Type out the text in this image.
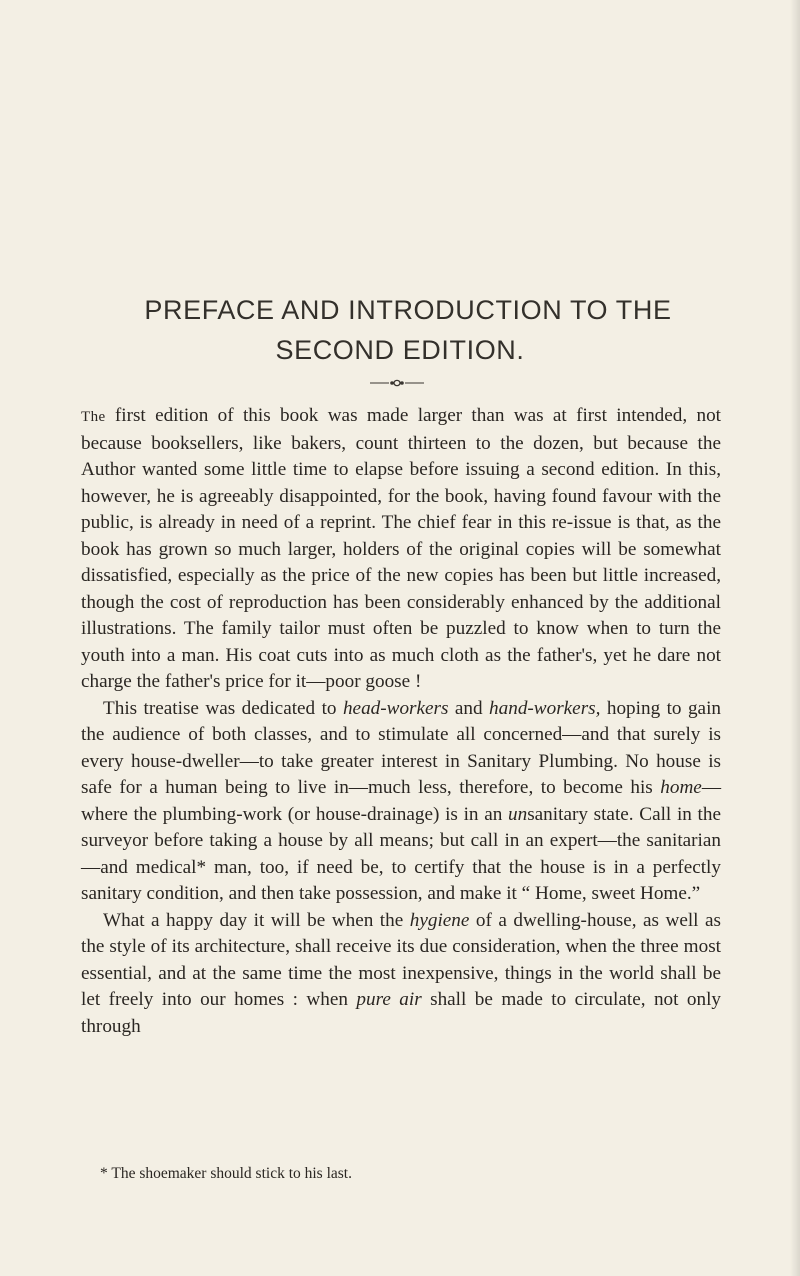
PREFACE AND INTRODUCTION TO THE
SECOND EDITION.

The first edition of this book was made larger than was at first intended, not because booksellers, like bakers, count thirteen to the dozen, but because the Author wanted some little time to elapse before issuing a second edition. In this, however, he is agreeably disappointed, for the book, having found favour with the public, is already in need of a reprint. The chief fear in this re-issue is that, as the book has grown so much larger, holders of the original copies will be somewhat dissatisfied, especially as the price of the new copies has been but little increased, though the cost of reproduction has been considerably enhanced by the additional illustrations. The family tailor must often be puzzled to know when to turn the youth into a man. His coat cuts into as much cloth as the father's, yet he dare not charge the father's price for it—poor goose !

This treatise was dedicated to head-workers and hand-workers, hoping to gain the audience of both classes, and to stimulate all concerned—and that surely is every house-dweller—to take greater interest in Sanitary Plumbing. No house is safe for a human being to live in—much less, therefore, to become his home—where the plumbing-work (or house-drainage) is in an unsanitary state. Call in the surveyor before taking a house by all means; but call in an expert—the sanitarian—and medical* man, too, if need be, to certify that the house is in a perfectly sanitary condition, and then take possession, and make it “ Home, sweet Home.”

What a happy day it will be when the hygiene of a dwelling-house, as well as the style of its architecture, shall receive its due consideration, when the three most essential, and at the same time the most inexpensive, things in the world shall be let freely into our homes : when pure air shall be made to circulate, not only through

* The shoemaker should stick to his last.
